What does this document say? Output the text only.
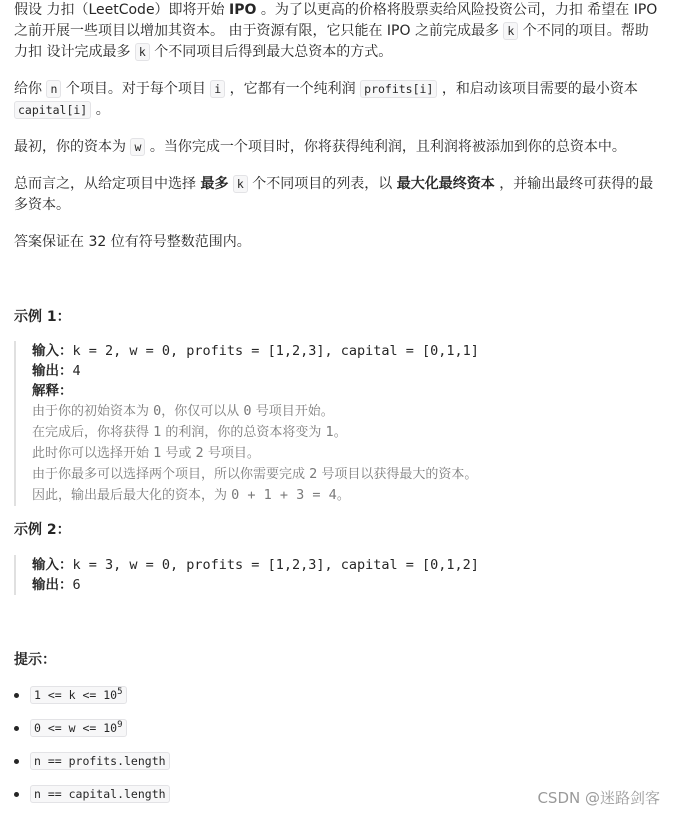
假设 力扣（LeetCode）即将开始 IPO 。为了以更高的价格将股票卖给风险投资公司，力扣 希望在 IPO 之前开展一些项目以增加其资本。 由于资源有限，它只能在 IPO 之前完成最多 k 个不同的项目。帮助 力扣 设计完成最多 k 个不同项目后得到最大总资本的方式。

给你 n 个项目。对于每个项目 i ，它都有一个纯利润 profits[i] ，和启动该项目需要的最小资本 capital[i] 。

最初，你的资本为 w 。当你完成一个项目时，你将获得纯利润，且利润将被添加到你的总资本中。

总而言之，从给定项目中选择 最多 k 个不同项目的列表，以 最大化最终资本 ，并输出最终可获得的最多资本。

答案保证在 32 位有符号整数范围内。

示例 1：
输入：k = 2, w = 0, profits = [1,2,3], capital = [0,1,1]
输出：4
解释：
由于你的初始资本为 0，你仅可以从 0 号项目开始。
在完成后，你将获得 1 的利润，你的总资本将变为 1。
此时你可以选择开始 1 号或 2 号项目。
由于你最多可以选择两个项目，所以你需要完成 2 号项目以获得最大的资本。
因此，输出最后最大化的资本，为 0 + 1 + 3 = 4。
示例 2：
输入：k = 3, w = 0, profits = [1,2,3], capital = [0,1,2]
输出：6
提示：
$1 <= k <= 10^5$
$0 <= w <= 10^9$
n == profits.length
n == capital.length	CSDN @迷路剑客
